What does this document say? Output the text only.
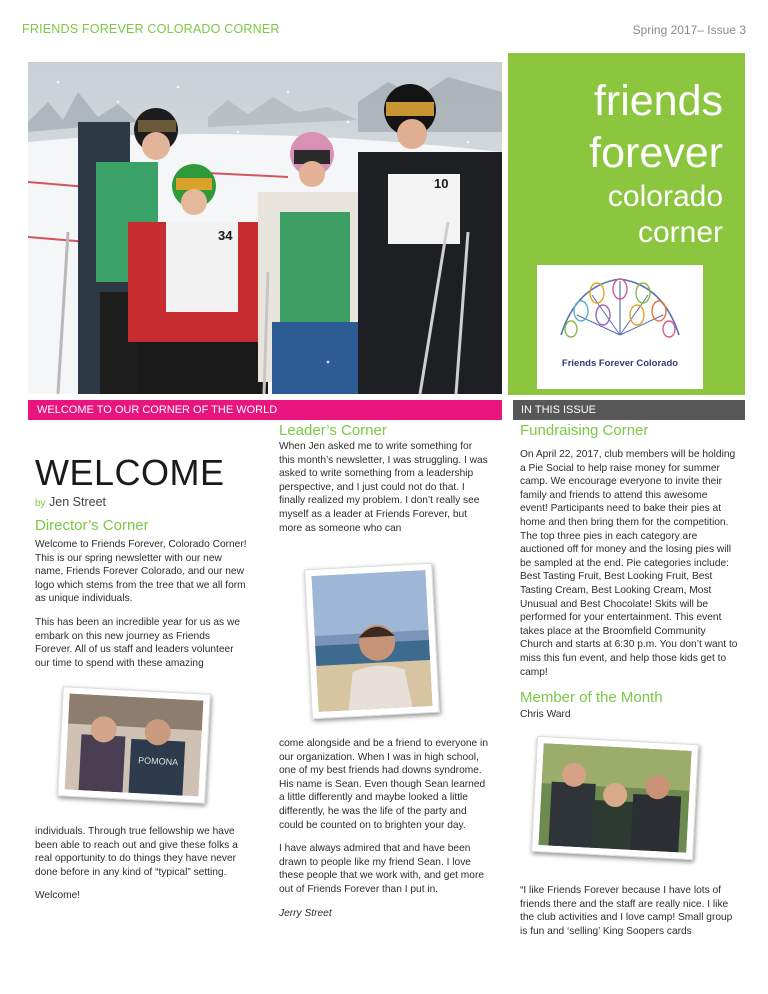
FRIENDS FOREVER COLORADO CORNER	Spring 2017– Issue 3
34
10
friends
forever
colorado
corner
Friends Forever Colorado
WELCOME TO OUR CORNER OF THE WORLD	IN THIS ISSUE
WELCOME
by Jen Street
Director’s Corner

Welcome to Friends Forever, Colorado Corner! This is our spring newsletter with our new name, Friends Forever Colorado, and our new logo which stems from the tree that we all form as unique individuals.

This has been an incredible year for us as we embark on this new journey as Friends Forever. All of us staff and leaders volunteer our time to spend with these amazing

POMONA

individuals. Through true fellowship we have been able to reach out and give these folks a real opportunity to do things they have never done before in any kind of “typical” setting.

Welcome!

Leader’s Corner

When Jen asked me to write something for this month’s newsletter, I was struggling. I was asked to write something from a leadership perspective, and I just could not do that. I finally realized my problem. I don’t really see myself as a leader at Friends Forever, but more as someone who can

come alongside and be a friend to everyone in our organization. When I was in high school, one of my best friends had downs syndrome. His name is Sean. Even though Sean learned a little differently and maybe looked a little differently, he was the life of the party and could be counted on to brighten your day.

I have always admired that and have been drawn to people like my friend Sean. I love these people that we work with, and get more out of Friends Forever than I put in.

Jerry Street

Fundraising Corner

On April 22, 2017, club members will be holding a Pie Social to help raise money for summer camp. We encourage everyone to invite their family and friends to attend this awesome event! Participants need to bake their pies at home and then bring them for the competition. The top three pies in each category are auctioned off for money and the losing pies will be sampled at the end. Pie categories include: Best Tasting Fruit, Best Looking Fruit, Best Tasting Cream, Best Looking Cream, Most Unusual and Best Chocolate! Skits will be performed for your entertainment. This event takes place at the Broomfield Community Church and starts at 6:30 p.m. You don’t want to miss this fun event, and help those kids get to camp!

Member of the Month
Chris Ward

“I like Friends Forever because I have lots of friends there and the staff are really nice. I like the club activities and I love camp! Small group is fun and ‘selling’ King Soopers cards
